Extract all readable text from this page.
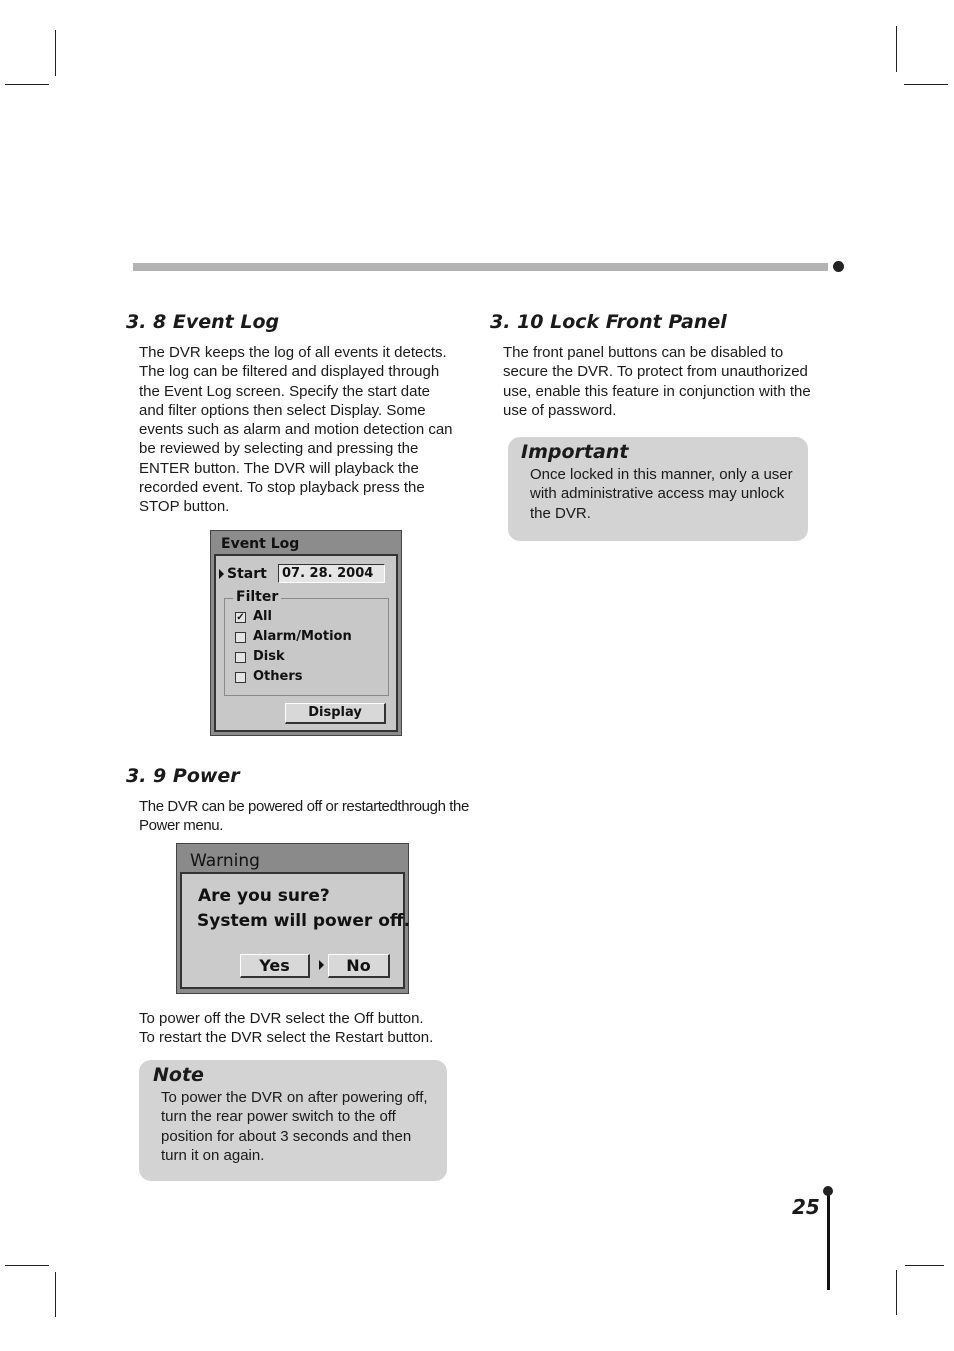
25
3. 8 Event Log

The DVR keeps the log of all events it detects. The log can be filtered and displayed through the Event Log screen. Specify the start date and filter options then select Display. Some events such as alarm and motion detection can be reviewed by selecting and pressing the ENTER button. The DVR will playback the recorded event. To stop playback press the STOP button.

Event Log
Start	07. 28. 2004
Filter
✓ All
Alarm/Motion
Disk
Others
Display
3. 9 Power

The DVR can be powered off or restartedthrough the Power menu.

Warning
Are you sure?
System will power off.
Yes	No

To power off the DVR select the Off button.

To restart the DVR select the Restart button.

Note

To power the DVR on after powering off, turn the rear power switch to the off position for about 3 seconds and then turn it on again.

3. 10 Lock Front Panel

The front panel buttons can be disabled to secure the DVR. To protect from unauthorized use, enable this feature in conjunction with the use of password.

Important

Once locked in this manner, only a user with administrative access may unlock the DVR.
